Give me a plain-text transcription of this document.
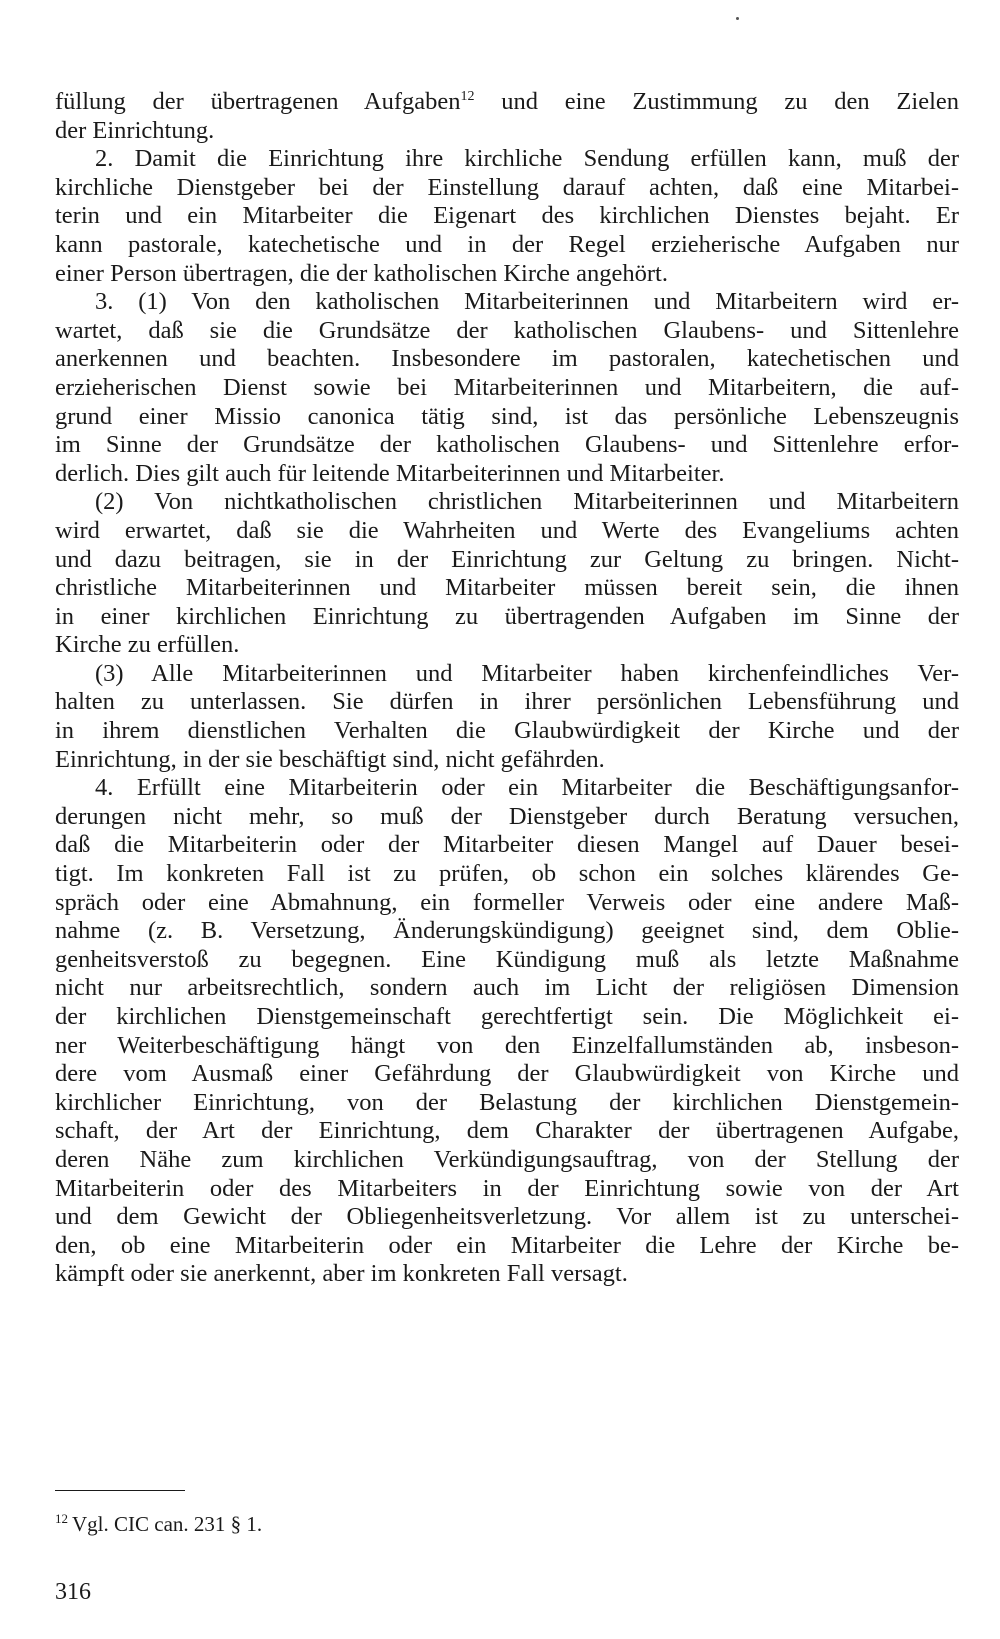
füllung der übertragenen Aufgaben$^{12}$ und eine Zustimmung zu den Zielen
der Einrichtung.
2. Damit die Einrichtung ihre kirchliche Sendung erfüllen kann, muß der
kirchliche Dienstgeber bei der Einstellung darauf achten, daß eine Mitarbei-
terin und ein Mitarbeiter die Eigenart des kirchlichen Dienstes bejaht. Er
kann pastorale, katechetische und in der Regel erzieherische Aufgaben nur
einer Person übertragen, die der katholischen Kirche angehört.
3. (1) Von den katholischen Mitarbeiterinnen und Mitarbeitern wird er-
wartet, daß sie die Grundsätze der katholischen Glaubens- und Sittenlehre
anerkennen und beachten. Insbesondere im pastoralen, katechetischen und
erzieherischen Dienst sowie bei Mitarbeiterinnen und Mitarbeitern, die auf-
grund einer Missio canonica tätig sind, ist das persönliche Lebenszeugnis
im Sinne der Grundsätze der katholischen Glaubens- und Sittenlehre erfor-
derlich. Dies gilt auch für leitende Mitarbeiterinnen und Mitarbeiter.
(2) Von nichtkatholischen christlichen Mitarbeiterinnen und Mitarbeitern
wird erwartet, daß sie die Wahrheiten und Werte des Evangeliums achten
und dazu beitragen, sie in der Einrichtung zur Geltung zu bringen. Nicht-
christliche Mitarbeiterinnen und Mitarbeiter müssen bereit sein, die ihnen
in einer kirchlichen Einrichtung zu übertragenden Aufgaben im Sinne der
Kirche zu erfüllen.
(3) Alle Mitarbeiterinnen und Mitarbeiter haben kirchenfeindliches Ver-
halten zu unterlassen. Sie dürfen in ihrer persönlichen Lebensführung und
in ihrem dienstlichen Verhalten die Glaubwürdigkeit der Kirche und der
Einrichtung, in der sie beschäftigt sind, nicht gefährden.
4. Erfüllt eine Mitarbeiterin oder ein Mitarbeiter die Beschäftigungsanfor-
derungen nicht mehr, so muß der Dienstgeber durch Beratung versuchen,
daß die Mitarbeiterin oder der Mitarbeiter diesen Mangel auf Dauer besei-
tigt. Im konkreten Fall ist zu prüfen, ob schon ein solches klärendes Ge-
spräch oder eine Abmahnung, ein formeller Verweis oder eine andere Maß-
nahme (z. B. Versetzung, Änderungskündigung) geeignet sind, dem Oblie-
genheitsverstoß zu begegnen. Eine Kündigung muß als letzte Maßnahme
nicht nur arbeitsrechtlich, sondern auch im Licht der religiösen Dimension
der kirchlichen Dienstgemeinschaft gerechtfertigt sein. Die Möglichkeit ei-
ner Weiterbeschäftigung hängt von den Einzelfallumständen ab, insbeson-
dere vom Ausmaß einer Gefährdung der Glaubwürdigkeit von Kirche und
kirchlicher Einrichtung, von der Belastung der kirchlichen Dienstgemein-
schaft, der Art der Einrichtung, dem Charakter der übertragenen Aufgabe,
deren Nähe zum kirchlichen Verkündigungsauftrag, von der Stellung der
Mitarbeiterin oder des Mitarbeiters in der Einrichtung sowie von der Art
und dem Gewicht der Obliegenheitsverletzung. Vor allem ist zu unterschei-
den, ob eine Mitarbeiterin oder ein Mitarbeiter die Lehre der Kirche be-
kämpft oder sie anerkennt, aber im konkreten Fall versagt.
$^{12}$ Vgl. CIC can. 231 § 1.
316
